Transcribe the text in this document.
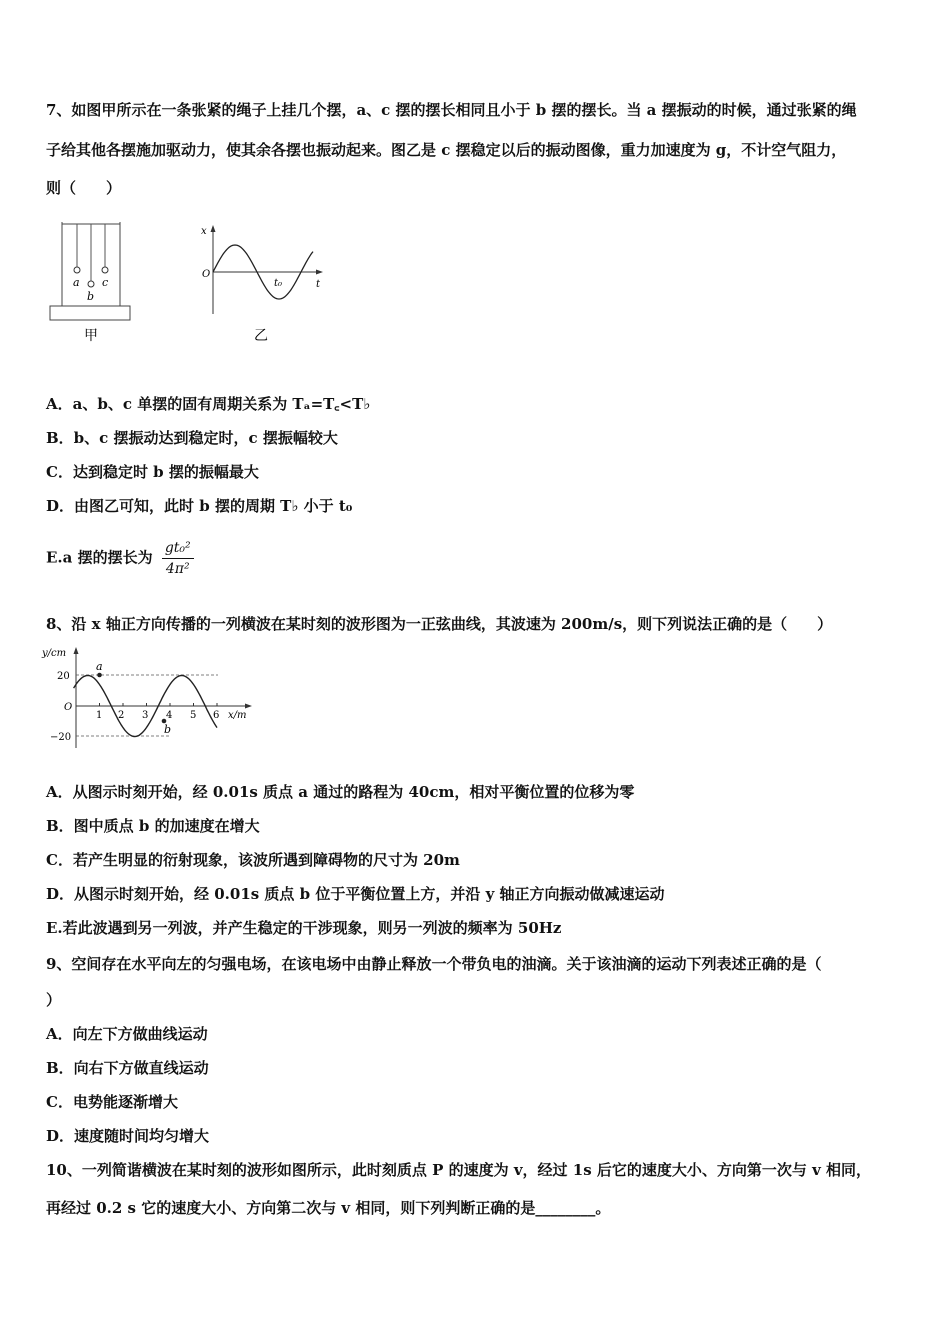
7、如图甲所示在一条张紧的绳子上挂几个摆，a、c 摆的摆长相同且小于 b 摆的摆长。当 a 摆振动的时候，通过张紧的绳
子给其他各摆施加驱动力，使其余各摆也振动起来。图乙是 c 摆稳定以后的振动图像，重力加速度为 g，不计空气阻力，
则（　　）
a
b
c
甲
x
O
t
t₀
乙
A．a、b、c 单摆的固有周期关系为 Tₐ=T꜀<T♭
B．b、c 摆振动达到稳定时，c 摆振幅较大
C．达到稳定时 b 摆的振幅最大
D．由图乙可知，此时 b 摆的周期 T♭ 小于 t₀
E.a 摆的摆长为 $\frac{\text{gt₀²}}{\text{4π²}}$
8、沿 x 轴正方向传播的一列横波在某时刻的波形图为一正弦曲线，其波速为 200m/s，则下列说法正确的是（　　）
a
b
y/cm
x/m
O
20
−20
1 2 3 4 5 6
A．从图示时刻开始，经 0.01s 质点 a 通过的路程为 40cm，相对平衡位置的位移为零
B．图中质点 b 的加速度在增大
C．若产生明显的衍射现象，该波所遇到障碍物的尺寸为 20m
D．从图示时刻开始，经 0.01s 质点 b 位于平衡位置上方，并沿 y 轴正方向振动做减速运动
E.若此波遇到另一列波，并产生稳定的干涉现象，则另一列波的频率为 50Hz
9、空间存在水平向左的匀强电场，在该电场中由静止释放一个带负电的油滴。关于该油滴的运动下列表述正确的是（
）
A．向左下方做曲线运动
B．向右下方做直线运动
C．电势能逐渐增大
D．速度随时间均匀增大
10、一列简谐横波在某时刻的波形如图所示，此时刻质点 P 的速度为 v，经过 1s 后它的速度大小、方向第一次与 v 相同，
再经过 0.2 s 它的速度大小、方向第二次与 v 相同，则下列判断正确的是________。
